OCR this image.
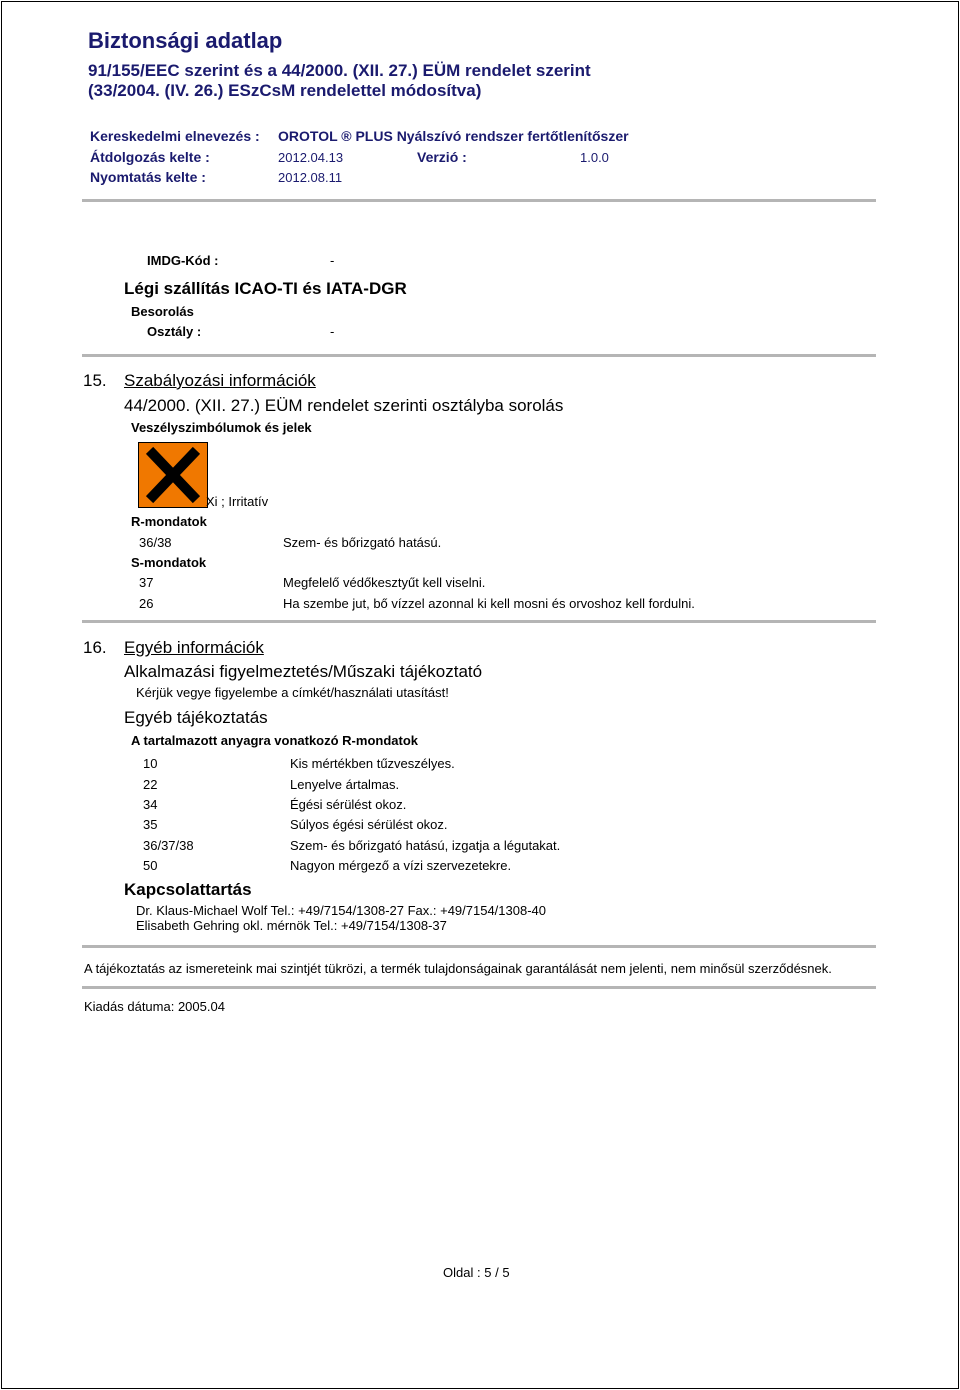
Biztonsági adatlap
91/155/EEC szerint és a 44/2000. (XII. 27.) EÜM rendelet szerint
(33/2004. (IV. 26.) ESzCsM rendelettel módosítva)
Kereskedelmi elnevezés : OROTOL ® PLUS Nyálszívó rendszer fertőtlenítőszer
Átdolgozás kelte :	2012.04.13	Verzió :	1.0.0
Nyomtatás kelte :	2012.08.11
IMDG-Kód :	-
Légi szállítás ICAO-TI és IATA-DGR
Besorolás
Osztály :	-
15. Szabályozási információk
44/2000. (XII. 27.) EÜM rendelet szerinti osztályba sorolás
Veszélyszimbólumok és jelek
Xi ; Irritatív
R-mondatok
36/38	Szem- és bőrizgató hatású.
S-mondatok
37	Megfelelő védőkesztyűt kell viselni.
26	Ha szembe jut, bő vízzel azonnal ki kell mosni és orvoshoz kell fordulni.
16. Egyéb információk
Alkalmazási figyelmeztetés/Műszaki tájékoztató
Kérjük vegye figyelembe a címkét/használati utasítást!
Egyéb tájékoztatás
A tartalmazott anyagra vonatkozó R-mondatok
10	Kis mértékben tűzveszélyes.
22	Lenyelve ártalmas.
34	Égési sérülést okoz.
35	Súlyos égési sérülést okoz.
36/37/38	Szem- és bőrizgató hatású, izgatja a légutakat.
50	Nagyon mérgező a vízi szervezetekre.
Kapcsolattartás
Dr. Klaus-Michael Wolf Tel.: +49/7154/1308-27 Fax.: +49/7154/1308-40
Elisabeth Gehring okl. mérnök Tel.: +49/7154/1308-37
A tájékoztatás az ismereteink mai szintjét tükrözi, a termék tulajdonságainak garantálását nem jelenti, nem minősül szerződésnek.
Kiadás dátuma: 2005.04
Oldal : 5 / 5
